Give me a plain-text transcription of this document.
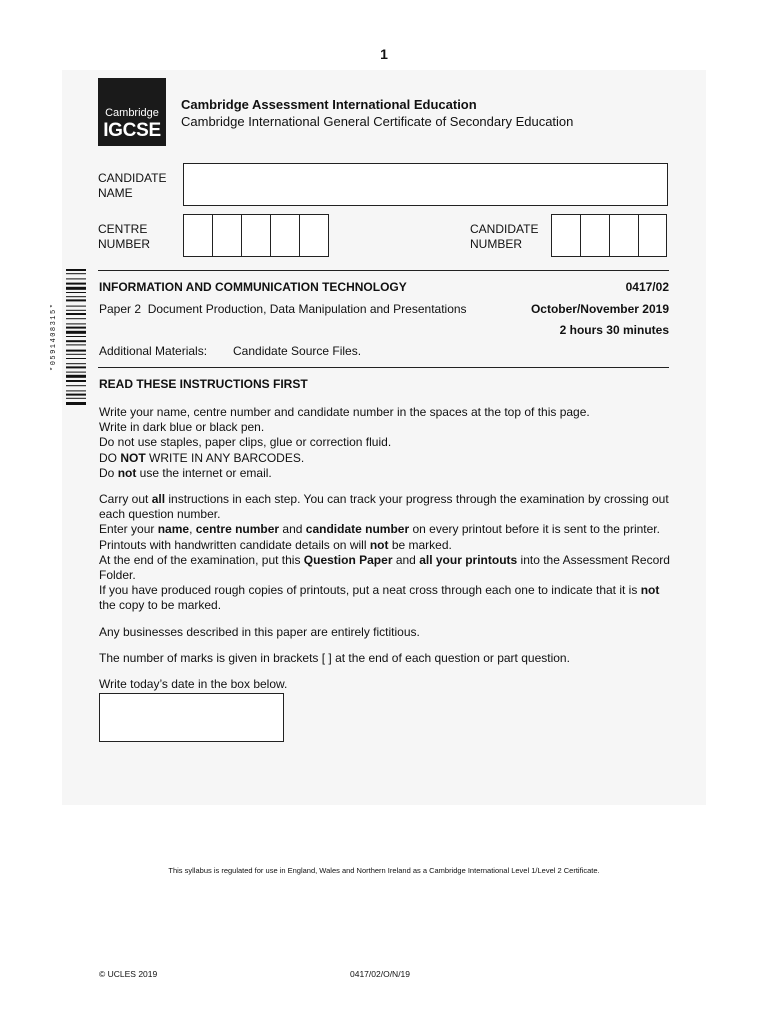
1
Cambridge
IGCSE
Cambridge Assessment International Education
Cambridge International General Certificate of Secondary Education
CANDIDATE
NAME
CENTRE
NUMBER
CANDIDATE
NUMBER
*0591408315*
INFORMATION AND COMMUNICATION TECHNOLOGY	0417/02
Paper 2  Document Production, Data Manipulation and Presentations	October/November 2019
2 hours 30 minutes
Additional Materials: Candidate Source Files.
READ THESE INSTRUCTIONS FIRST

Write your name, centre number and candidate number in the spaces at the top of this page.

Write in dark blue or black pen.

Do not use staples, paper clips, glue or correction fluid.

DO NOT WRITE IN ANY BARCODES.

Do not use the internet or email.

Carry out all instructions in each step. You can track your progress through the examination by crossing out each question number.

Enter your name, centre number and candidate number on every printout before it is sent to the printer.

Printouts with handwritten candidate details on will not be marked.

At the end of the examination, put this Question Paper and all your printouts into the Assessment Record Folder.

If you have produced rough copies of printouts, put a neat cross through each one to indicate that it is not the copy to be marked.

Any businesses described in this paper are entirely fictitious.
The number of marks is given in brackets [ ] at the end of each question or part question.
Write today’s date in the box below.
This syllabus is regulated for use in England, Wales and Northern Ireland as a Cambridge International Level 1/Level 2 Certificate.
© UCLES 2019	0417/02/O/N/19
